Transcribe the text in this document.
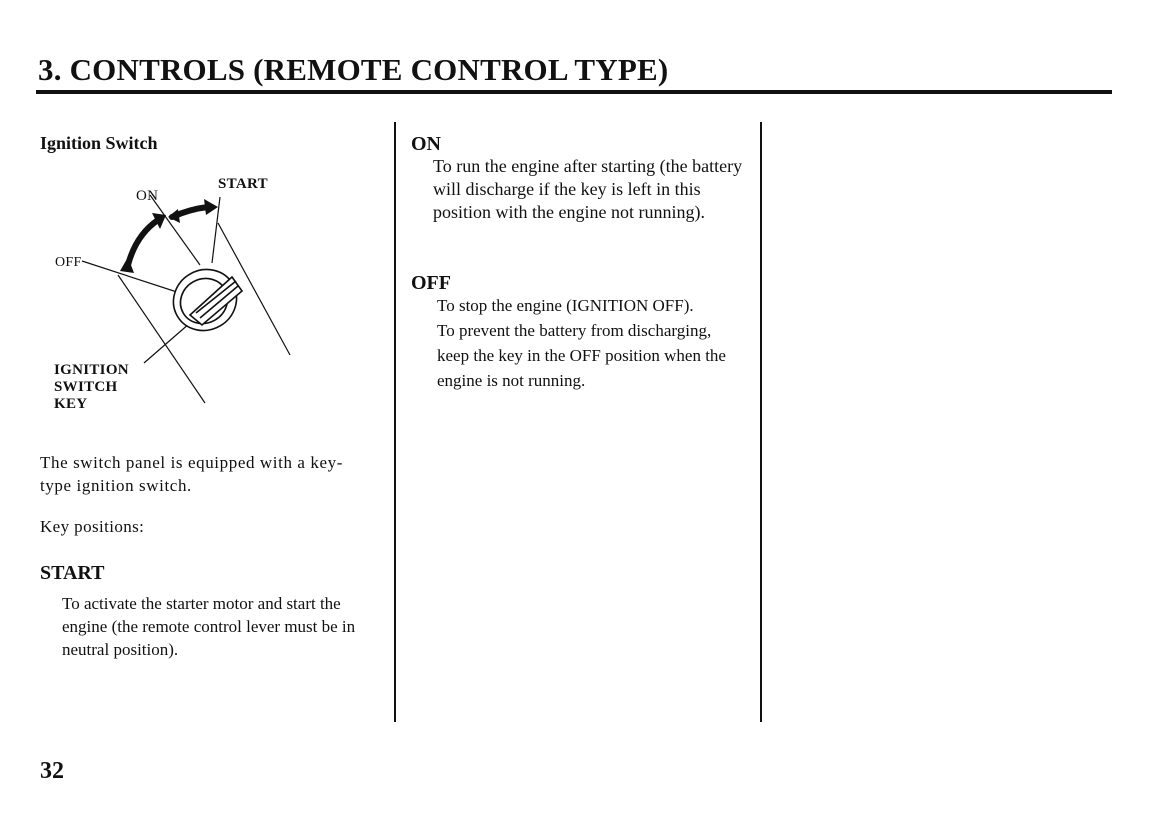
3. CONTROLS (REMOTE CONTROL TYPE)
Ignition Switch
ON
START
OFF
IGNITION
SWITCH
KEY
The switch panel is equipped with a key-type ignition switch.
Key positions:
START
To activate the starter motor and start the engine (the remote control lever must be in neutral position).
ON
To run the engine after starting (the battery will discharge if the key is left in this position with the engine not running).
OFF
To stop the engine (IGNITION OFF).
To prevent the battery from discharging, keep the key in the OFF position when the engine is not running.
32
